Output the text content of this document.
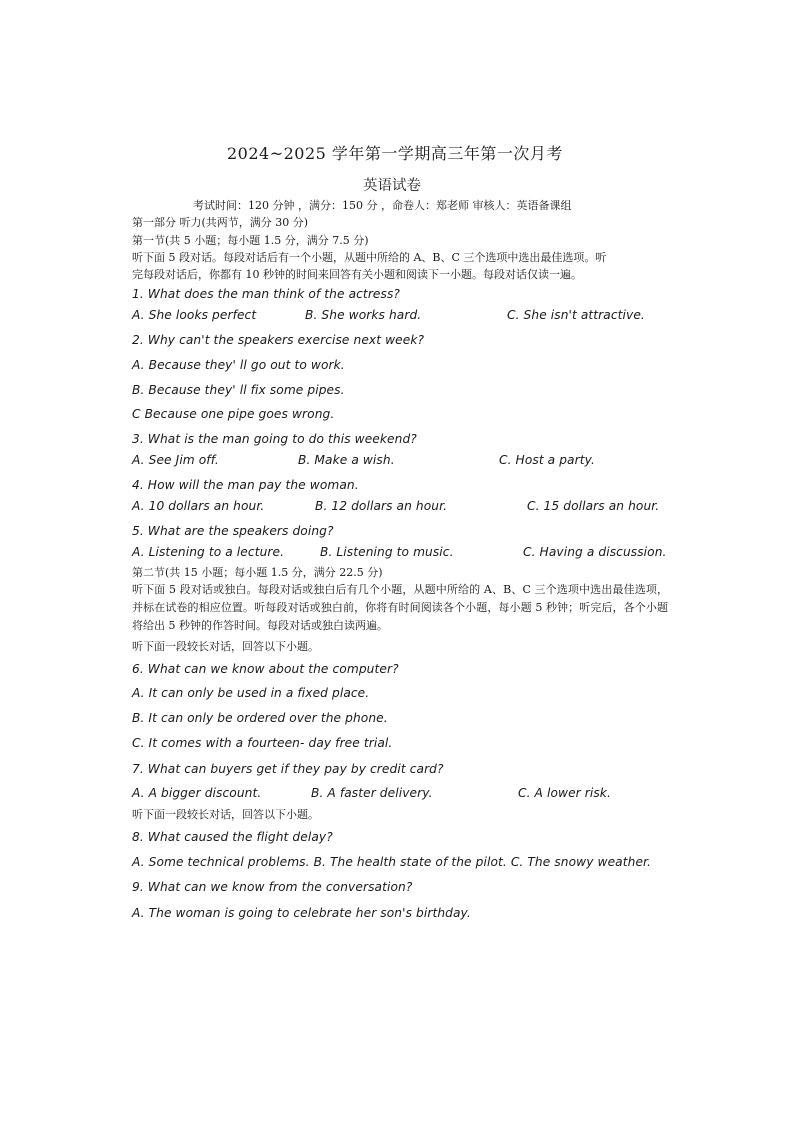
2024~2025 学年第一学期高三年第一次月考
英语试卷
考试时间：120 分钟 ，满分：150 分 ，命卷人：郑老师 审核人：英语备课组
第一部分 听力(共两节，满分 30 分)
第一节(共 5 小题；每小题 1.5 分，满分 7.5 分)
听下面 5 段对话。每段对话后有一个小题，从题中所给的 A、B、C 三个选项中选出最佳选项。听
完每段对话后，你都有 10 秒钟的时间来回答有关小题和阅读下一小题。每段对话仅读一遍。
1. What does the man think of the actress?
A. She looks perfect	B. She works hard.	C. She isn't attractive.
2. Why can't the speakers exercise next week?
A. Because they' ll go out to work.
B. Because they' ll fix some pipes.
C Because one pipe goes wrong.
3. What is the man going to do this weekend?
A. See Jim off.	B. Make a wish.	C. Host a party.
4. How will the man pay the woman.
A. 10 dollars an hour.	B. 12 dollars an hour.	C. 15 dollars an hour.
5. What are the speakers doing?
A. Listening to a lecture.	B. Listening to music.	C. Having a discussion.
第二节(共 15 小题；每小题 1.5 分，满分 22.5 分)
听下面 5 段对话或独白。每段对话或独白后有几个小题，从题中所给的 A、B、C 三个选项中选出最佳选项，并标在试卷的相应位置。听每段对话或独白前，你将有时间阅读各个小题，每小题 5 秒钟；听完后，各个小题将给出 5 秒钟的作答时间。每段对话或独白读两遍。
听下面一段较长对话，回答以下小题。
6. What can we know about the computer?
A. It can only be used in a fixed place.
B. It can only be ordered over the phone.
C. It comes with a fourteen- day free trial.
7. What can buyers get if they pay by credit card?
A. A bigger discount.	B. A faster delivery.	C. A lower risk.
听下面一段较长对话，回答以下小题。
8. What caused the flight delay?
A. Some technical problems. B. The health state of the pilot. C. The snowy weather.
9. What can we know from the conversation?
A. The woman is going to celebrate her son's birthday.
